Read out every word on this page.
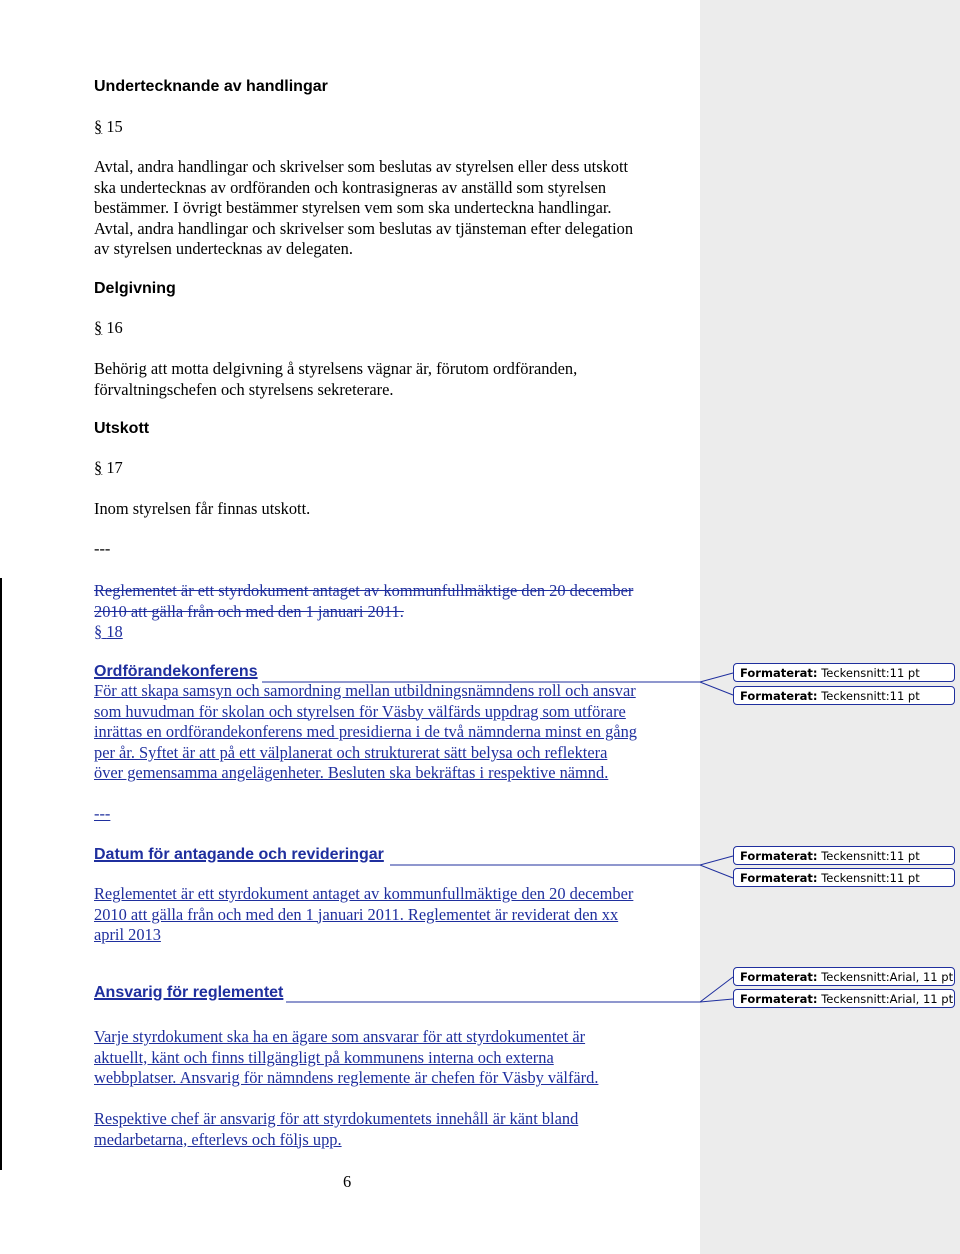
Undertecknande av handlingar
§ 15
Avtal, andra handlingar och skrivelser som beslutas av styrelsen eller dess utskott
ska undertecknas av ordföranden och kontrasigneras av anställd som styrelsen
bestämmer. I övrigt bestämmer styrelsen vem som ska underteckna handlingar.
Avtal, andra handlingar och skrivelser som beslutas av tjänsteman efter delegation
av styrelsen undertecknas av delegaten.
Delgivning
§ 16
Behörig att motta delgivning å styrelsens vägnar är, förutom ordföranden,
förvaltningschefen och styrelsens sekreterare.
Utskott
§ 17
Inom styrelsen får finnas utskott.
---
Reglementet är ett styrdokument antaget av kommunfullmäktige den 20 december
2010 att gälla från och med den 1 januari 2011.
§ 18
Ordförandekonferens
För att skapa samsyn och samordning mellan utbildningsnämndens roll och ansvar
som huvudman för skolan och styrelsen för Väsby välfärds uppdrag som utförare
inrättas en ordförandekonferens med presidierna i de två nämnderna minst en gång
per år. Syftet är att på ett välplanerat och strukturerat sätt belysa och reflektera
över gemensamma angelägenheter. Besluten ska bekräftas i respektive nämnd.
---
Datum för antagande och revideringar
Reglementet är ett styrdokument antaget av kommunfullmäktige den 20 december
2010 att gälla från och med den 1 januari 2011. Reglementet är reviderat den xx
april 2013
Ansvarig för reglementet
Varje styrdokument ska ha en ägare som ansvarar för att styrdokumentet är
aktuellt, känt och finns tillgängligt på kommunens interna och externa
webbplatser. Ansvarig för nämndens reglemente är chefen för Väsby välfärd.
Respektive chef är ansvarig för att styrdokumentets innehåll är känt bland
medarbetarna, efterlevs och följs upp.
6
Formaterat: Teckensnitt:11 pt
Formaterat: Teckensnitt:11 pt
Formaterat: Teckensnitt:11 pt
Formaterat: Teckensnitt:11 pt
Formaterat: Teckensnitt:Arial, 11 pt
Formaterat: Teckensnitt:Arial, 11 pt
